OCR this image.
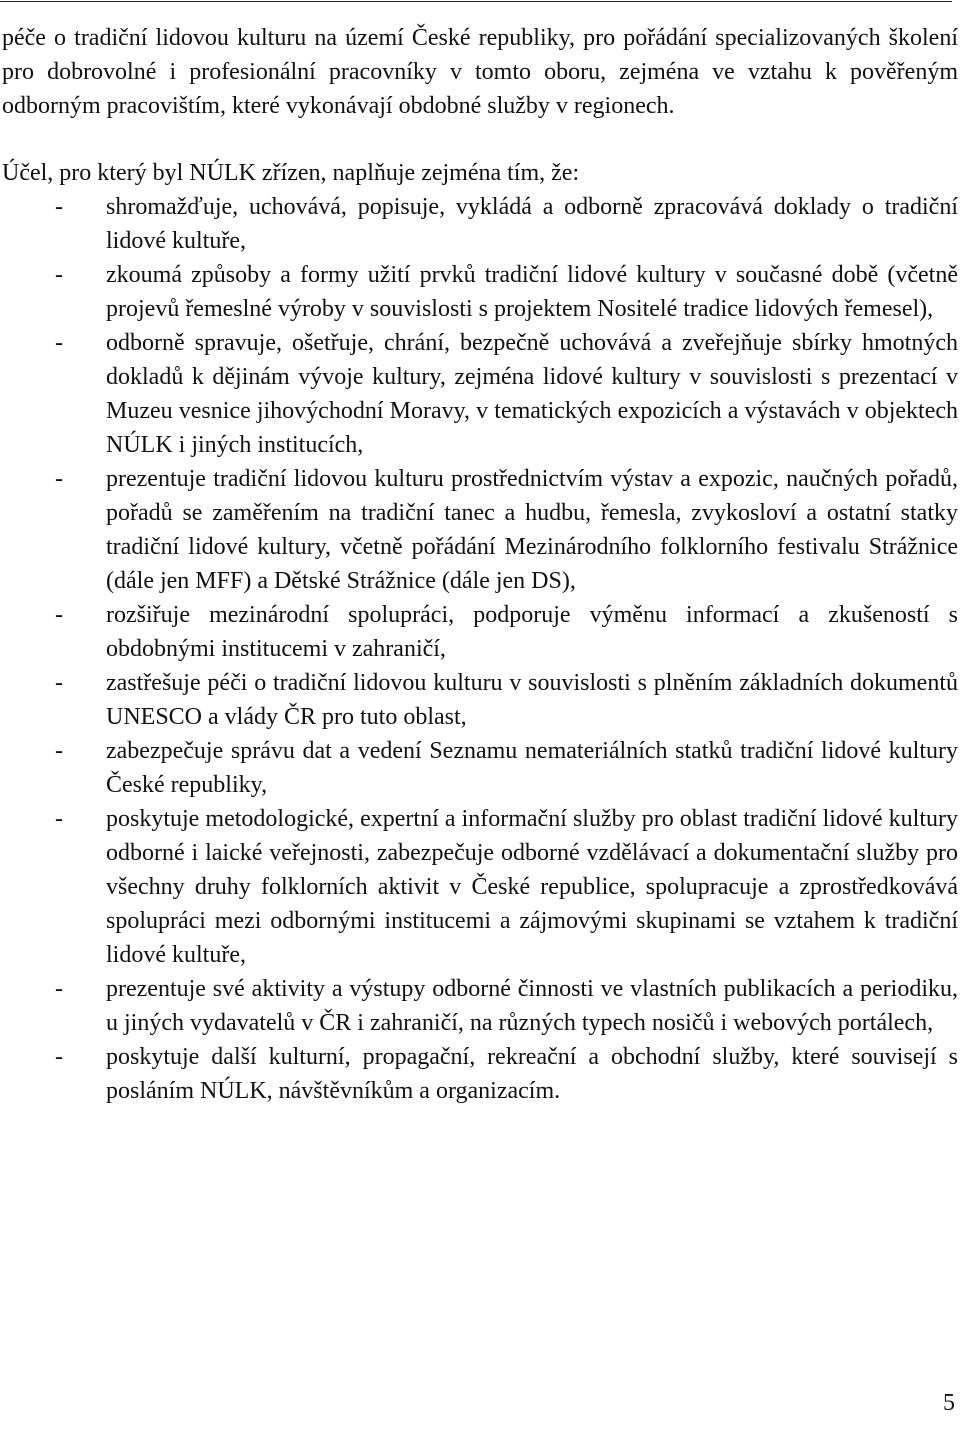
péče o tradiční lidovou kulturu na území České republiky, pro pořádání specializovaných školení pro dobrovolné i profesionální pracovníky v tomto oboru, zejména ve vztahu k pověřeným odborným pracovištím, které vykonávají obdobné služby v regionech.

Účel, pro který byl NÚLK zřízen, naplňuje zejména tím, že:

- shromažďuje, uchovává, popisuje, vykládá a odborně zpracovává doklady o tradiční lidové kultuře,
- zkoumá způsoby a formy užití prvků tradiční lidové kultury v současné době (včetně projevů řemeslné výroby v souvislosti s projektem Nositelé tradice lidových řemesel),
- odborně spravuje, ošetřuje, chrání, bezpečně uchovává a zveřejňuje sbírky hmotných dokladů k dějinám vývoje kultury, zejména lidové kultury v souvislosti s prezentací v Muzeu vesnice jihovýchodní Moravy, v tematických expozicích a výstavách v objektech NÚLK i jiných institucích,
- prezentuje tradiční lidovou kulturu prostřednictvím výstav a expozic, naučných pořadů, pořadů se zaměřením na tradiční tanec a hudbu, řemesla, zvykosloví a ostatní statky tradiční lidové kultury, včetně pořádání Mezinárodního folklorního festivalu Strážnice (dále jen MFF) a Dětské Strážnice (dále jen DS),
- rozšiřuje mezinárodní spolupráci, podporuje výměnu informací a zkušeností s obdobnými institucemi v zahraničí,
- zastřešuje péči o tradiční lidovou kulturu v souvislosti s plněním základních dokumentů UNESCO a vlády ČR pro tuto oblast,
- zabezpečuje správu dat a vedení Seznamu nemateriálních statků tradiční lidové kultury České republiky,
- poskytuje metodologické, expertní a informační služby pro oblast tradiční lidové kultury odborné i laické veřejnosti, zabezpečuje odborné vzdělávací a dokumentační služby pro všechny druhy folklorních aktivit v České republice, spolupracuje a zprostředkovává spolupráci mezi odbornými institucemi a zájmovými skupinami se vztahem k tradiční lidové kultuře,
- prezentuje své aktivity a výstupy odborné činnosti ve vlastních publikacích a periodiku, u jiných vydavatelů v ČR i zahraničí, na různých typech nosičů i webových portálech,
- poskytuje další kulturní, propagační, rekreační a obchodní služby, které souvisejí s posláním NÚLK, návštěvníkům a organizacím.
5
